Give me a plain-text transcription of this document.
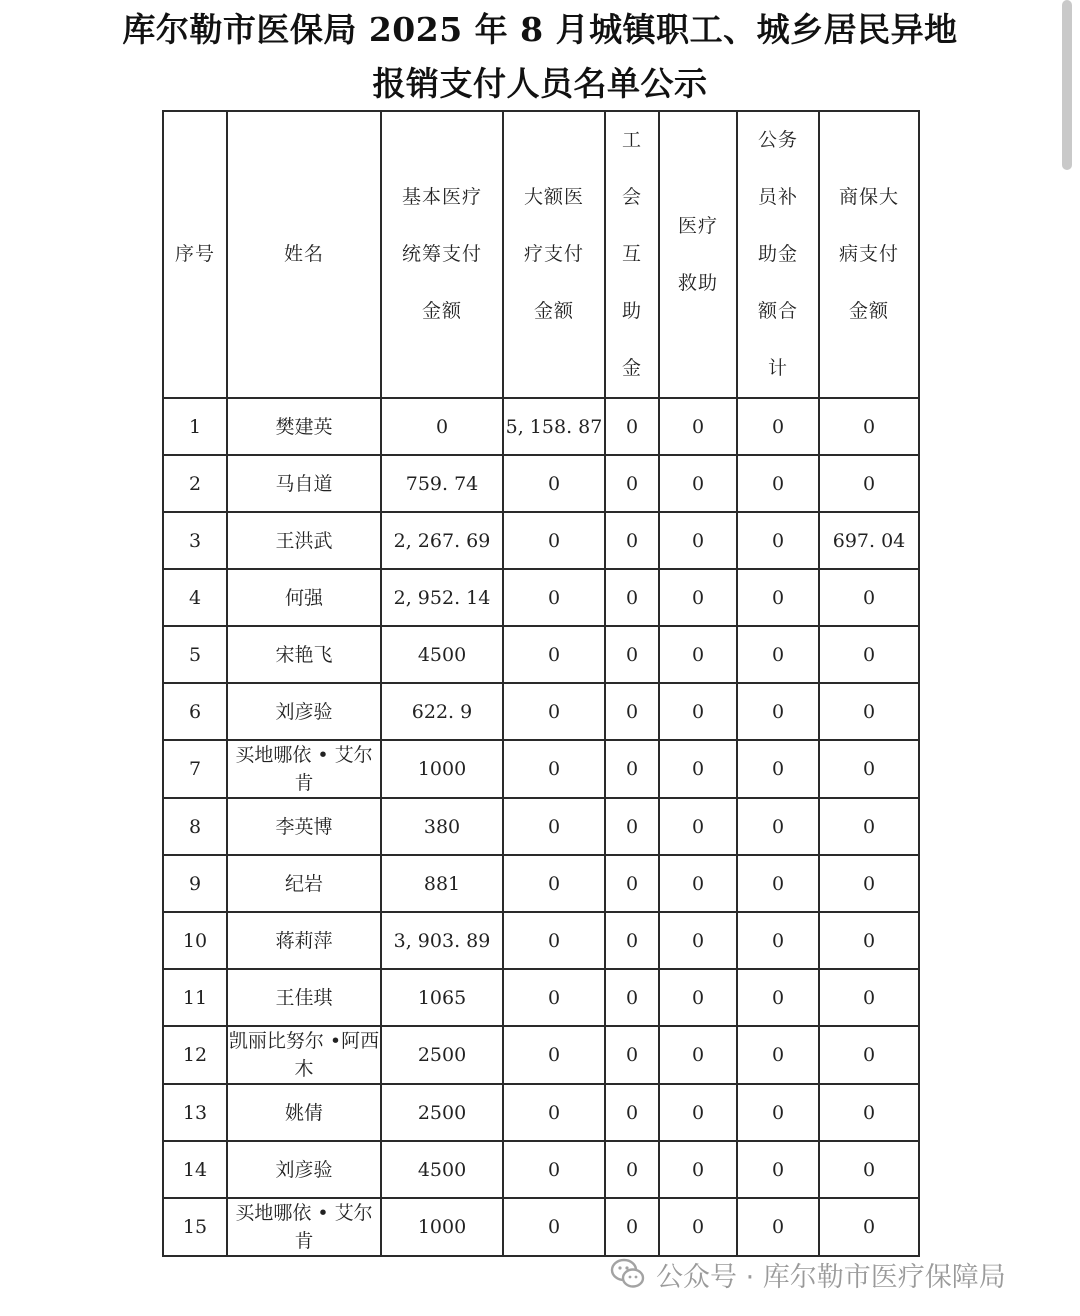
库尔勒市医保局 2025 年 8 月城镇职工、城乡居民异地
报销支付人员名单公示
序号	姓名	基本医疗统筹支付金额	大额医疗支付金额	工会互助金	医疗救助	公务员补助金额合计	商保大病支付金额
1	樊建英	0	5, 158. 87	0	0	0	0
2	马自道	759. 74	0	0	0	0	0
3	王洪武	2, 267. 69	0	0	0	0	697. 04
4	何强	2, 952. 14	0	0	0	0	0
5	宋艳飞	4500	0	0	0	0	0
6	刘彦验	622. 9	0	0	0	0	0
7	买地哪依 • 艾尔肯	1000	0	0	0	0	0
8	李英博	380	0	0	0	0	0
9	纪岩	881	0	0	0	0	0
10	蒋莉萍	3, 903. 89	0	0	0	0	0
11	王佳琪	1065	0	0	0	0	0
12	凯丽比努尔 •阿西木	2500	0	0	0	0	0
13	姚倩	2500	0	0	0	0	0
14	刘彦验	4500	0	0	0	0	0
15	买地哪依 • 艾尔肯	1000	0	0	0	0	0
公众号 · 库尔勒市医疗保障局
